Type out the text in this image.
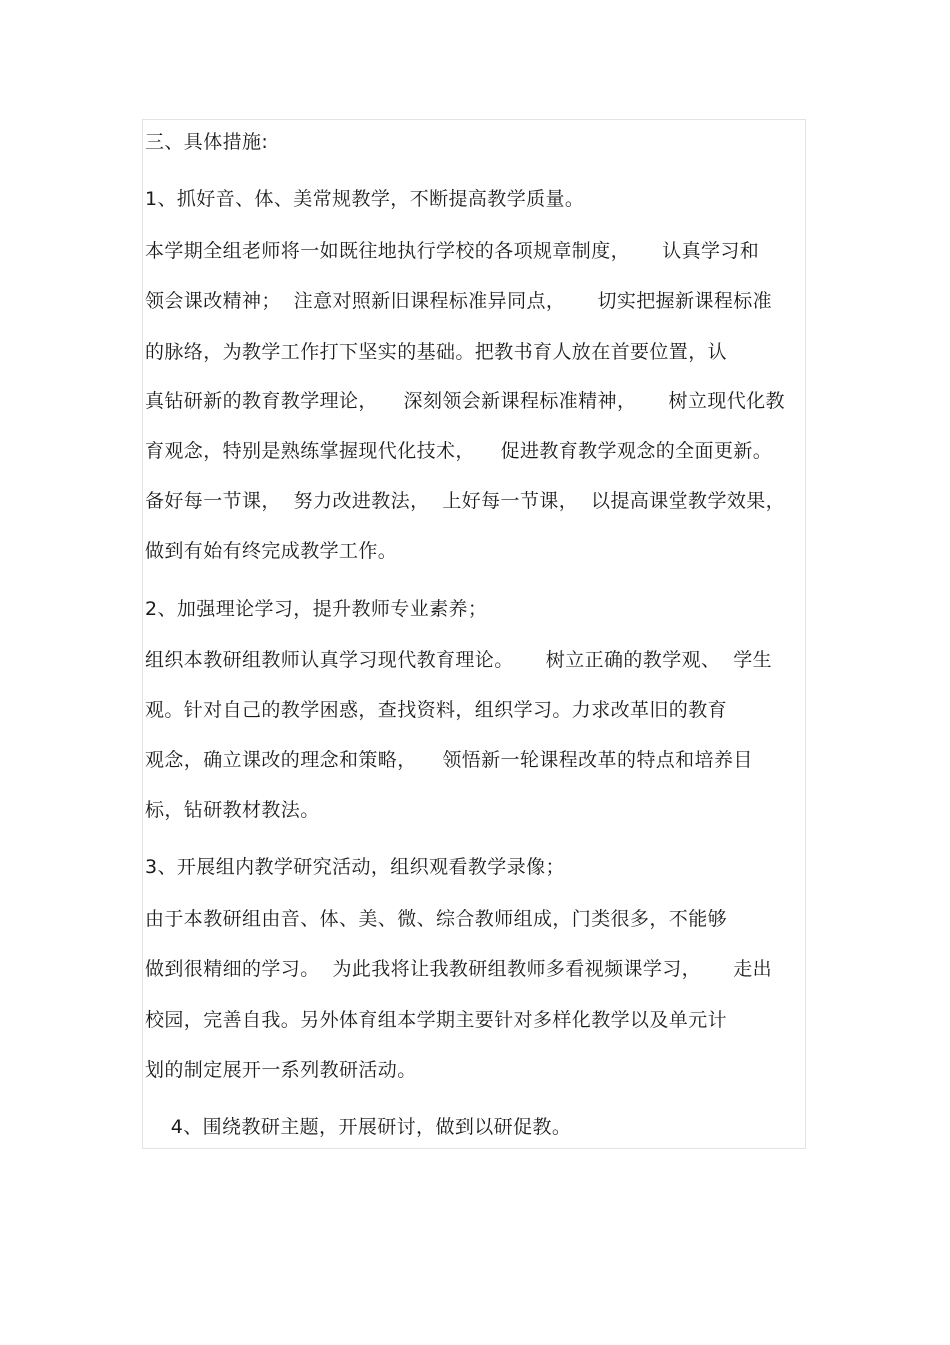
三、具体措施:
1、抓好音、体、美常规教学，不断提高教学质量。
本学期全组老师将一如既往地执行学校的各项规章制度，     认真学习和
领会课改精神；  注意对照新旧课程标准异同点，     切实把握新课程标准
的脉络，为教学工作打下坚实的基础。把教书育人放在首要位置，认
真钻研新的教育教学理论，    深刻领会新课程标准精神，     树立现代化教
育观念，特别是熟练掌握现代化技术，    促进教育教学观念的全面更新。
备好每一节课，  努力改进教法，  上好每一节课，  以提高课堂教学效果，
做到有始有终完成教学工作。
2、加强理论学习，提升教师专业素养；
组织本教研组教师认真学习现代教育理论。     树立正确的教学观、  学生
观。针对自己的教学困惑，查找资料，组织学习。力求改革旧的教育
观念，确立课改的理念和策略，    领悟新一轮课程改革的特点和培养目
标，钻研教材教法。
3、开展组内教学研究活动，组织观看教学录像；
由于本教研组由音、体、美、微、综合教师组成，门类很多，不能够
做到很精细的学习。  为此我将让我教研组教师多看视频课学习，     走出
校园，完善自我。另外体育组本学期主要针对多样化教学以及单元计
划的制定展开一系列教研活动。
4、围绕教研主题，开展研讨，做到以研促教。
